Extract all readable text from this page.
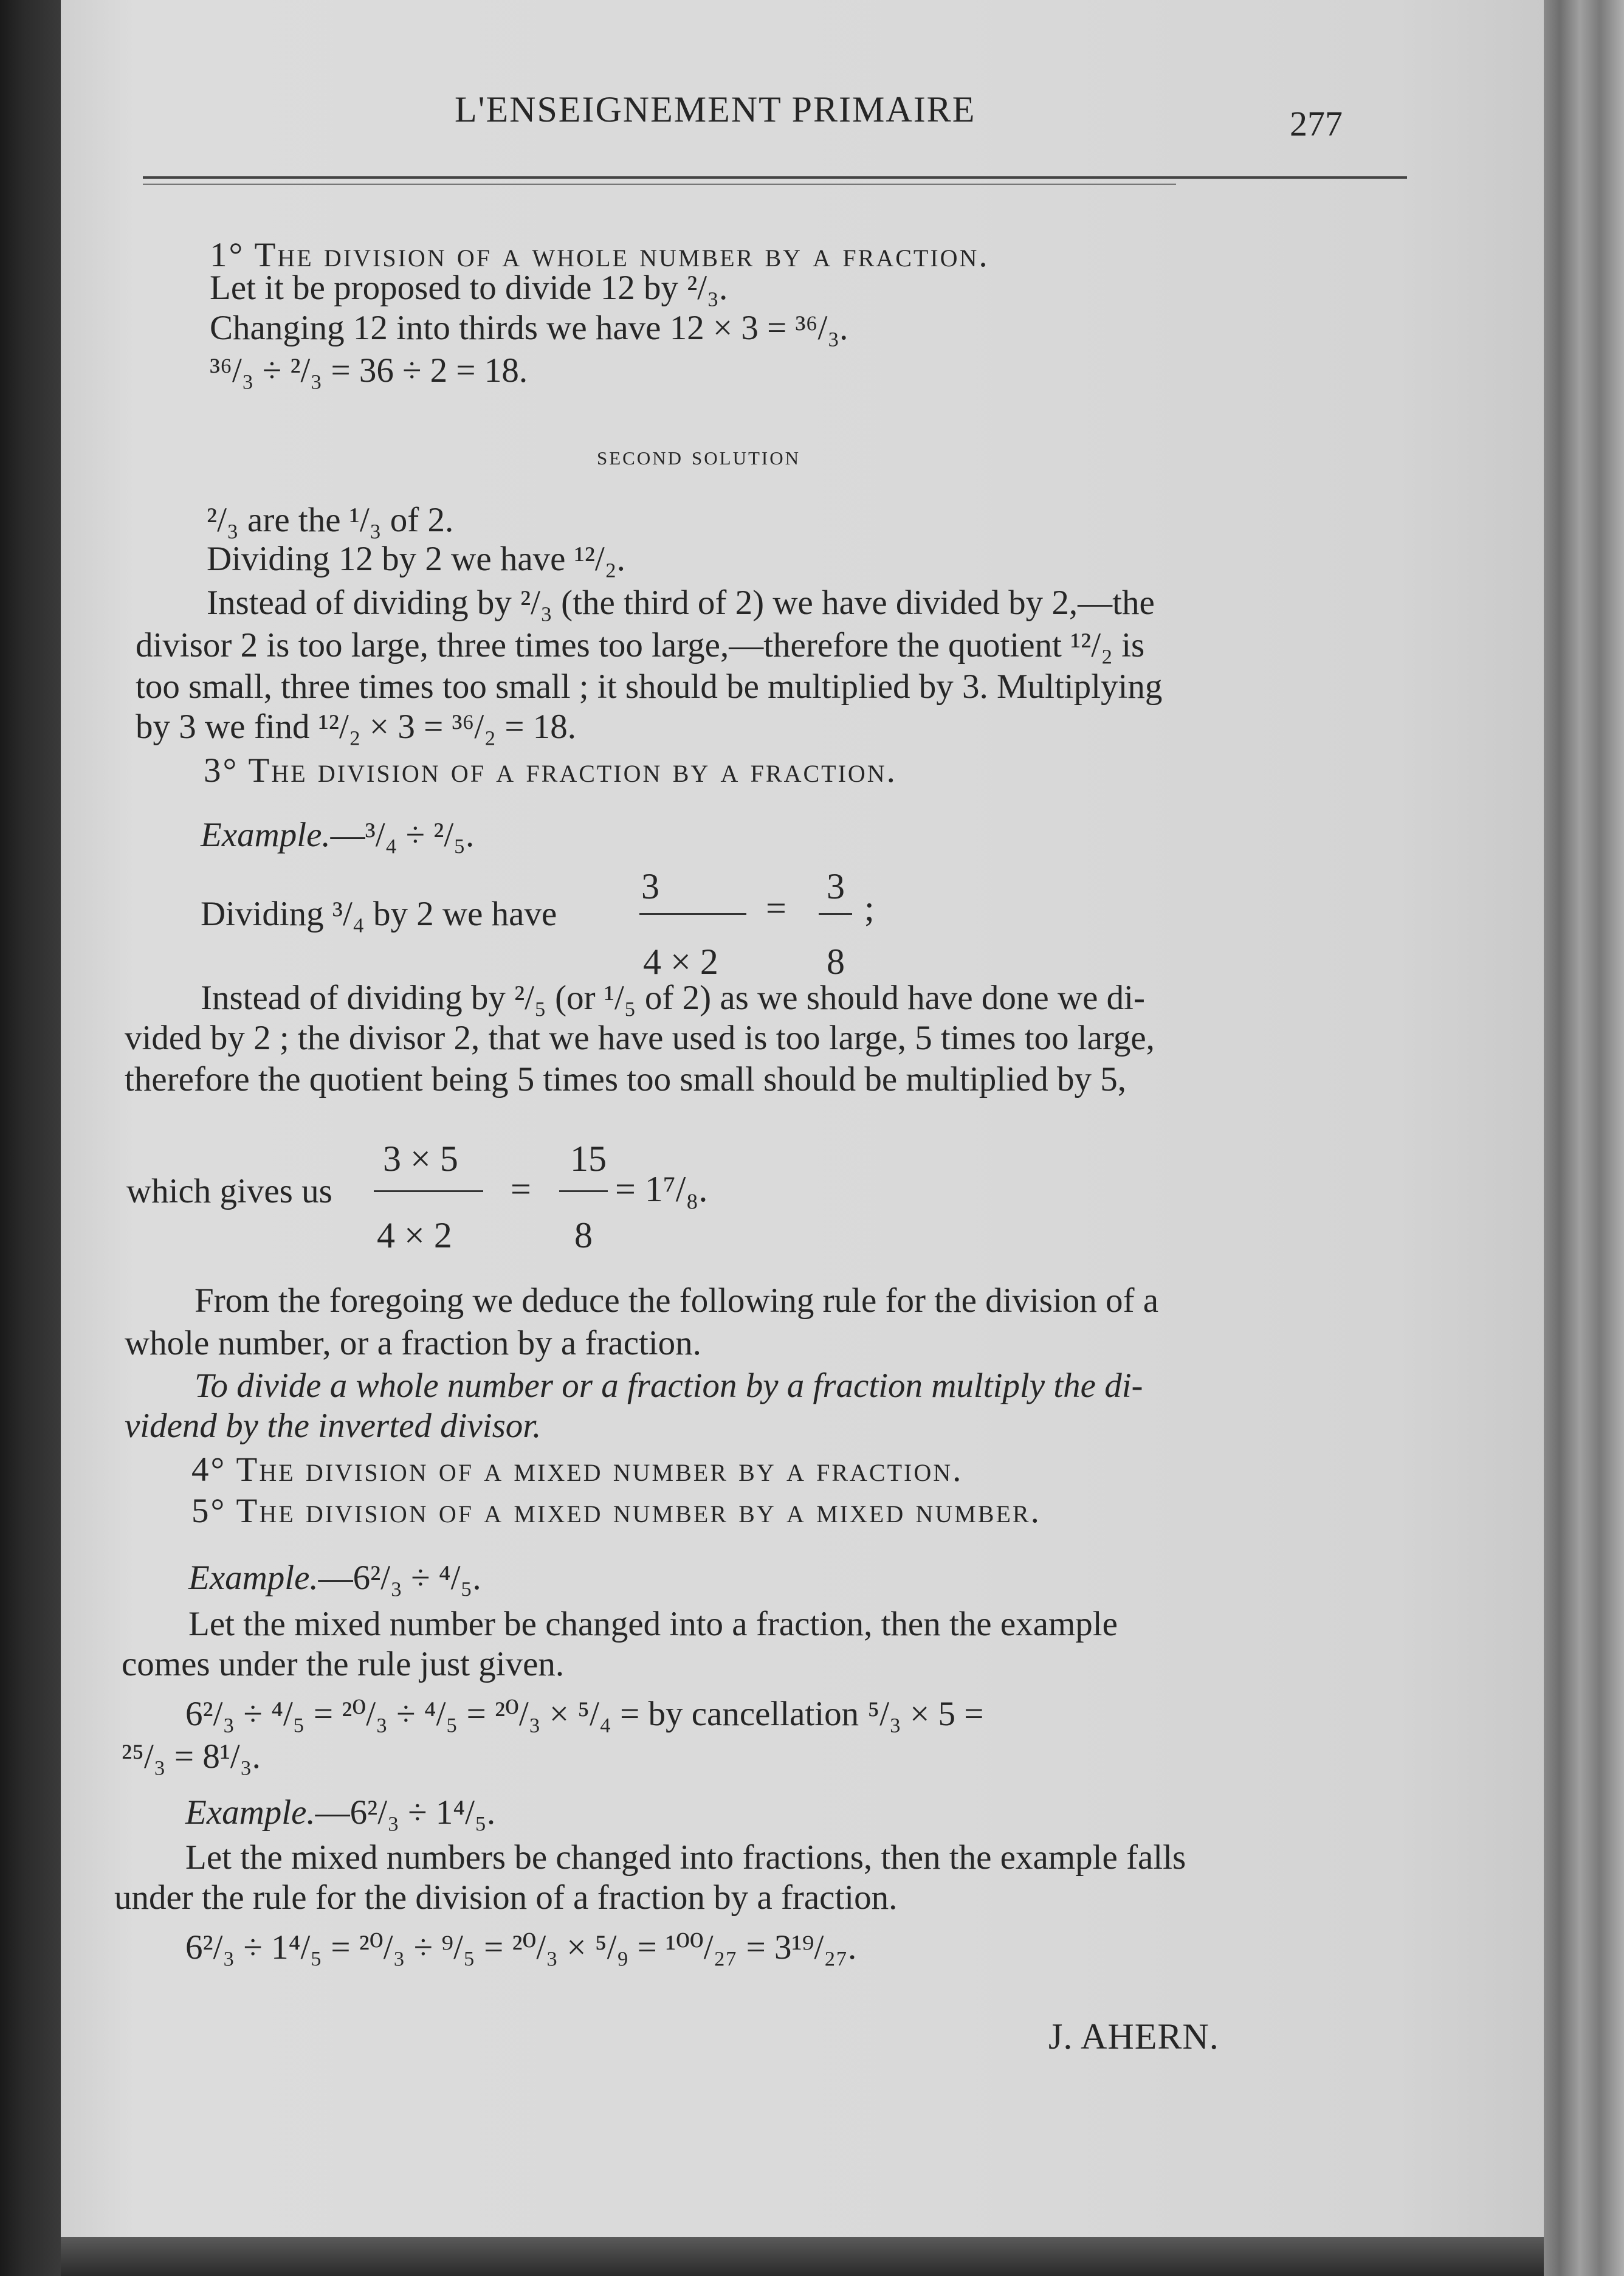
L'ENSEIGNEMENT PRIMAIRE	277
1° The division of a whole number by a fraction.
Let it be proposed to divide 12 by ²/₃.
Changing 12 into thirds we have 12 × 3 = ³⁶/₃.
³⁶/₃ ÷ ²/₃ = 36 ÷ 2 = 18.
second solution
²/₃ are the ¹/₃ of 2.
Dividing 12 by 2 we have ¹²/₂.
Instead of dividing by ²/₃ (the third of 2) we have divided by 2,—the
divisor 2 is too large, three times too large,—therefore the quotient ¹²/₂ is
too small, three times too small ; it should be multiplied by 3. Multiplying
by 3 we find ¹²/₂ × 3 = ³⁶/₂ = 18.
3° The division of a fraction by a fraction.
Example.—³/₄ ÷ ²/₅.
Dividing ³/₄ by 2 we have
3
4 × 2
=
3
8
;
Instead of dividing by ²/₅ (or ¹/₅ of 2) as we should have done we di-
vided by 2 ; the divisor 2, that we have used is too large, 5 times too large,
therefore the quotient being 5 times too small should be multiplied by 5,
which gives us
3 × 5
4 × 2
=
15
8
= 1⁷/₈.
From the foregoing we deduce the following rule for the division of a
whole number, or a fraction by a fraction.
To divide a whole number or a fraction by a fraction multiply the di-
vidend by the inverted divisor.
4° The division of a mixed number by a fraction.
5° The division of a mixed number by a mixed number.
Example.—6²/₃ ÷ ⁴/₅.
Let the mixed number be changed into a fraction, then the example
comes under the rule just given.
6²/₃ ÷ ⁴/₅ = ²⁰/₃ ÷ ⁴/₅ = ²⁰/₃ × ⁵/₄ = by cancellation ⁵/₃ × 5 =
²⁵/₃ = 8¹/₃.
Example.—6²/₃ ÷ 1⁴/₅.
Let the mixed numbers be changed into fractions, then the example falls
under the rule for the division of a fraction by a fraction.
6²/₃ ÷ 1⁴/₅ = ²⁰/₃ ÷ ⁹/₅ = ²⁰/₃ × ⁵/₉ = ¹⁰⁰/₂₇ = 3¹⁹/₂₇.
J. AHERN.
